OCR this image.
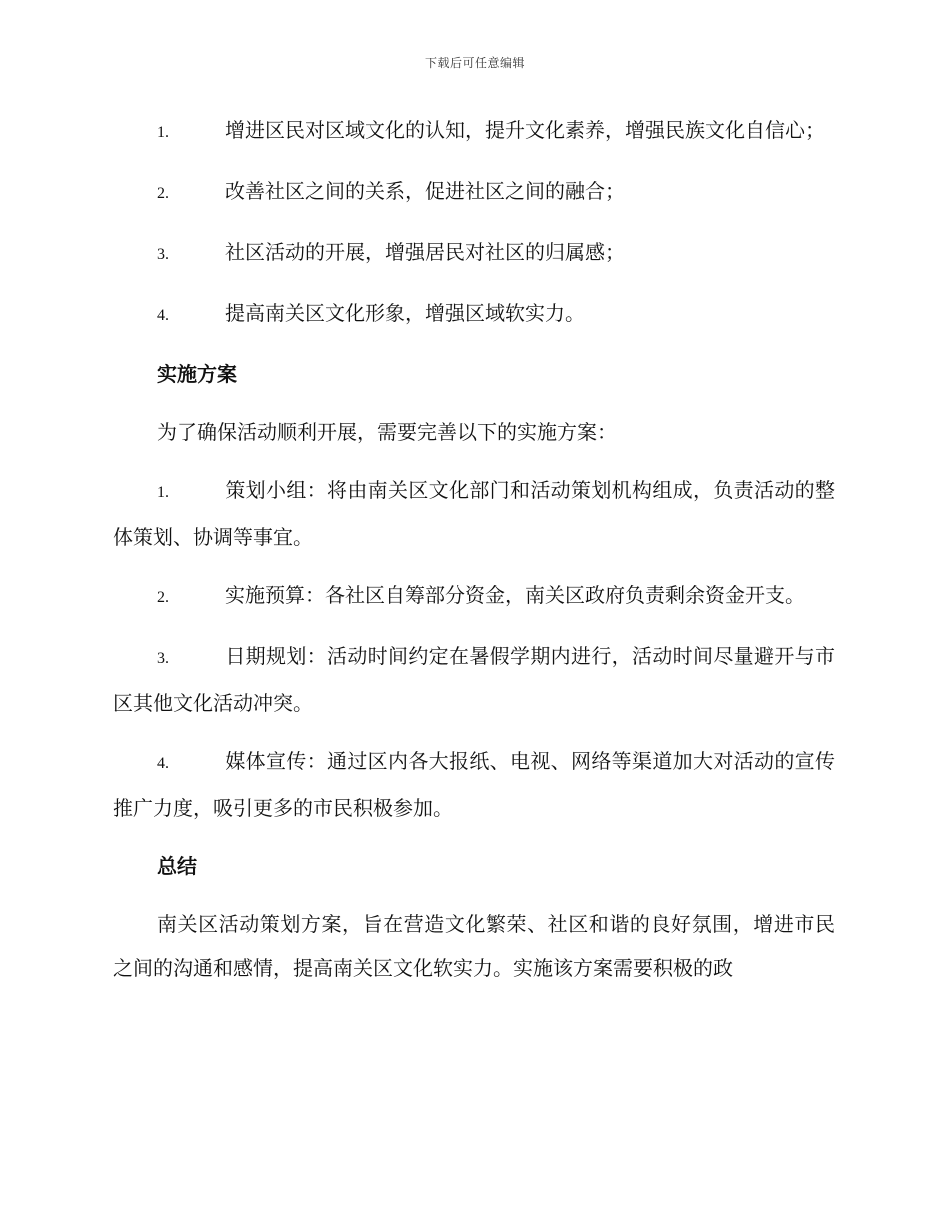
下载后可任意编辑

1.	增进区民对区域文化的认知，提升文化素养，增强民族文化自信心；

2.	改善社区之间的关系，促进社区之间的融合；

3.	社区活动的开展，增强居民对社区的归属感；

4.	提高南关区文化形象，增强区域软实力。

实施方案

为了确保活动顺利开展，需要完善以下的实施方案：

1.	策划小组：将由南关区文化部门和活动策划机构组成，负责活动的整体策划、协调等事宜。

2.	实施预算：各社区自筹部分资金，南关区政府负责剩余资金开支。

3.	日期规划：活动时间约定在暑假学期内进行，活动时间尽量避开与市区其他文化活动冲突。

4.	媒体宣传：通过区内各大报纸、电视、网络等渠道加大对活动的宣传推广力度，吸引更多的市民积极参加。

总结

南关区活动策划方案，旨在营造文化繁荣、社区和谐的良好氛围，增进市民之间的沟通和感情，提高南关区文化软实力。实施该方案需要积极的政
